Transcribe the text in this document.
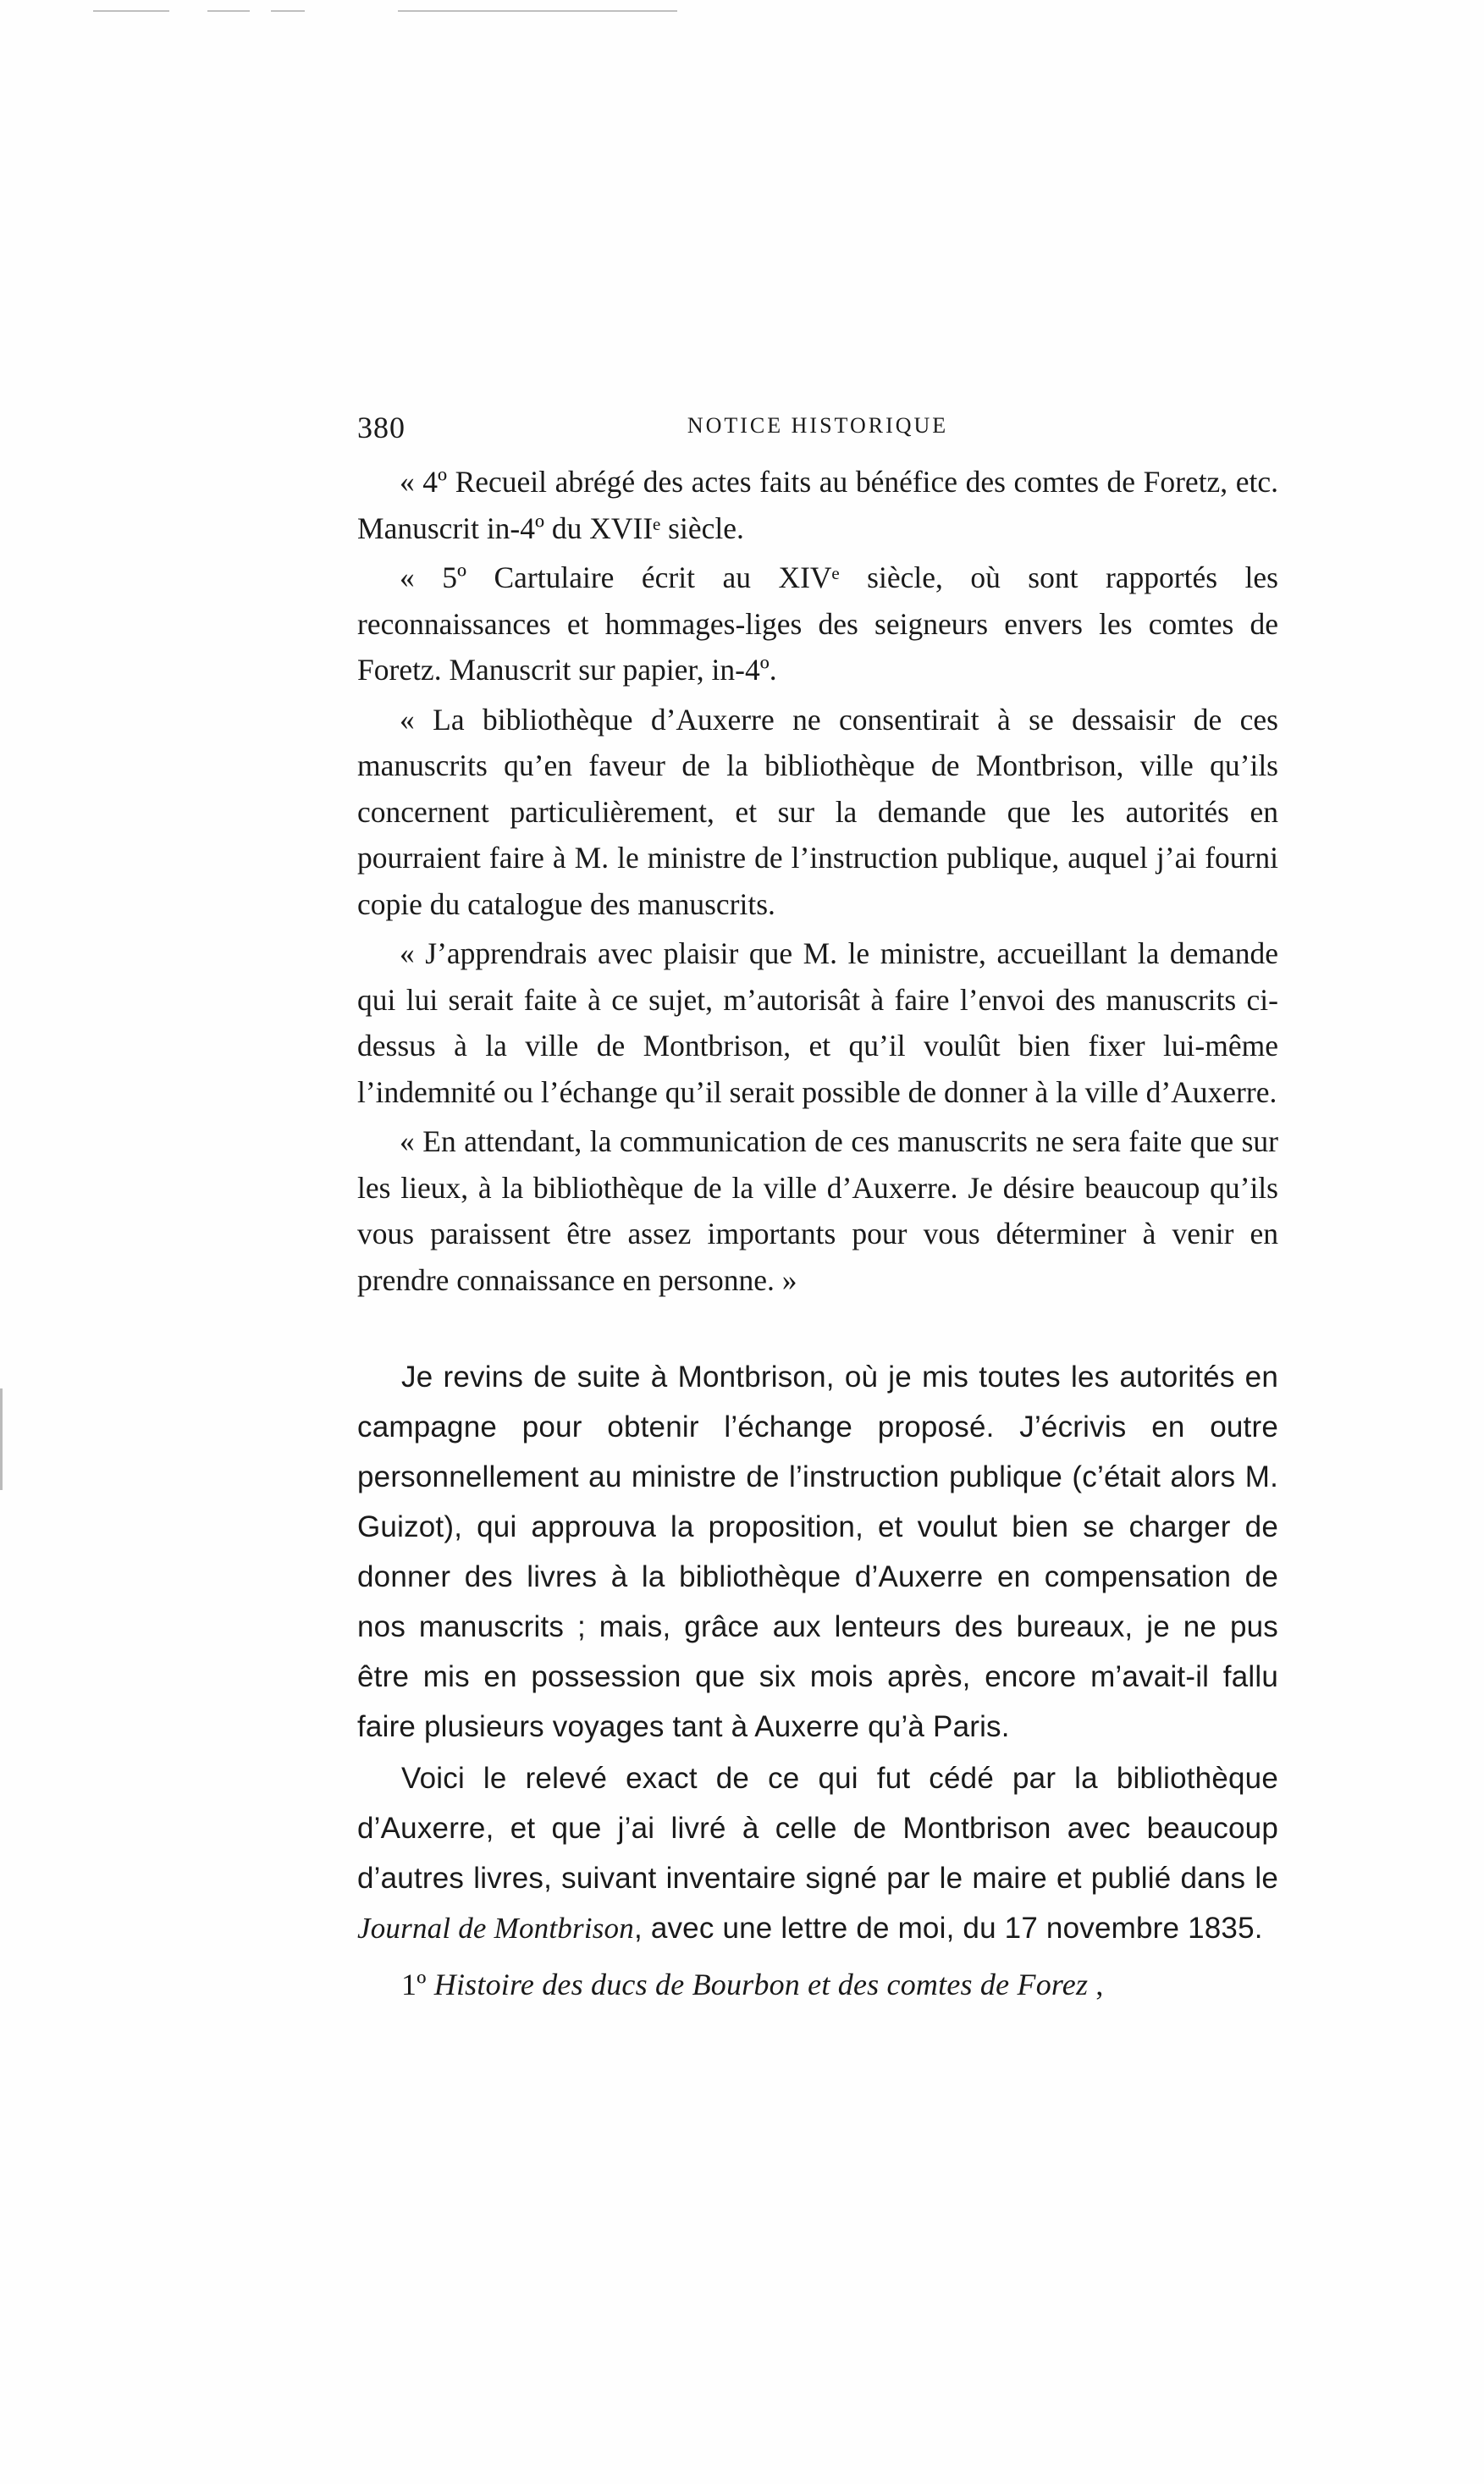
380	NOTICE HISTORIQUE

« 4º Recueil abrégé des actes faits au bénéfice des comtes de Foretz, etc. Manuscrit in-4º du XVIIᵉ siècle.

« 5º Cartulaire écrit au XIVᵉ siècle, où sont rapportés les reconnaissances et hommages-liges des seigneurs envers les comtes de Foretz. Manuscrit sur papier, in-4º.

« La bibliothèque d’Auxerre ne consentirait à se dessaisir de ces manuscrits qu’en faveur de la bibliothèque de Montbrison, ville qu’ils concernent particulièrement, et sur la demande que les autorités en pourraient faire à M. le ministre de l’instruction publique, auquel j’ai fourni copie du catalogue des manuscrits.

« J’apprendrais avec plaisir que M. le ministre, accueillant la demande qui lui serait faite à ce sujet, m’autorisât à faire l’envoi des manuscrits ci-dessus à la ville de Montbrison, et qu’il voulût bien fixer lui-même l’indemnité ou l’échange qu’il serait possible de donner à la ville d’Auxerre.

« En attendant, la communication de ces manuscrits ne sera faite que sur les lieux, à la bibliothèque de la ville d’Auxerre. Je désire beaucoup qu’ils vous paraissent être assez importants pour vous déterminer à venir en prendre connaissance en personne. »

Je revins de suite à Montbrison, où je mis toutes les autorités en campagne pour obtenir l’échange proposé. J’écrivis en outre personnellement au ministre de l’instruction publique (c’était alors M. Guizot), qui approuva la proposition, et voulut bien se charger de donner des livres à la bibliothèque d’Auxerre en compensation de nos manuscrits ; mais, grâce aux lenteurs des bureaux, je ne pus être mis en possession que six mois après, encore m’avait-il fallu faire plusieurs voyages tant à Auxerre qu’à Paris.

Voici le relevé exact de ce qui fut cédé par la bibliothèque d’Auxerre, et que j’ai livré à celle de Montbrison avec beaucoup d’autres livres, suivant inventaire signé par le maire et publié dans le Journal de Montbrison, avec une lettre de moi, du 17 novembre 1835.

1º Histoire des ducs de Bourbon et des comtes de Forez ,
